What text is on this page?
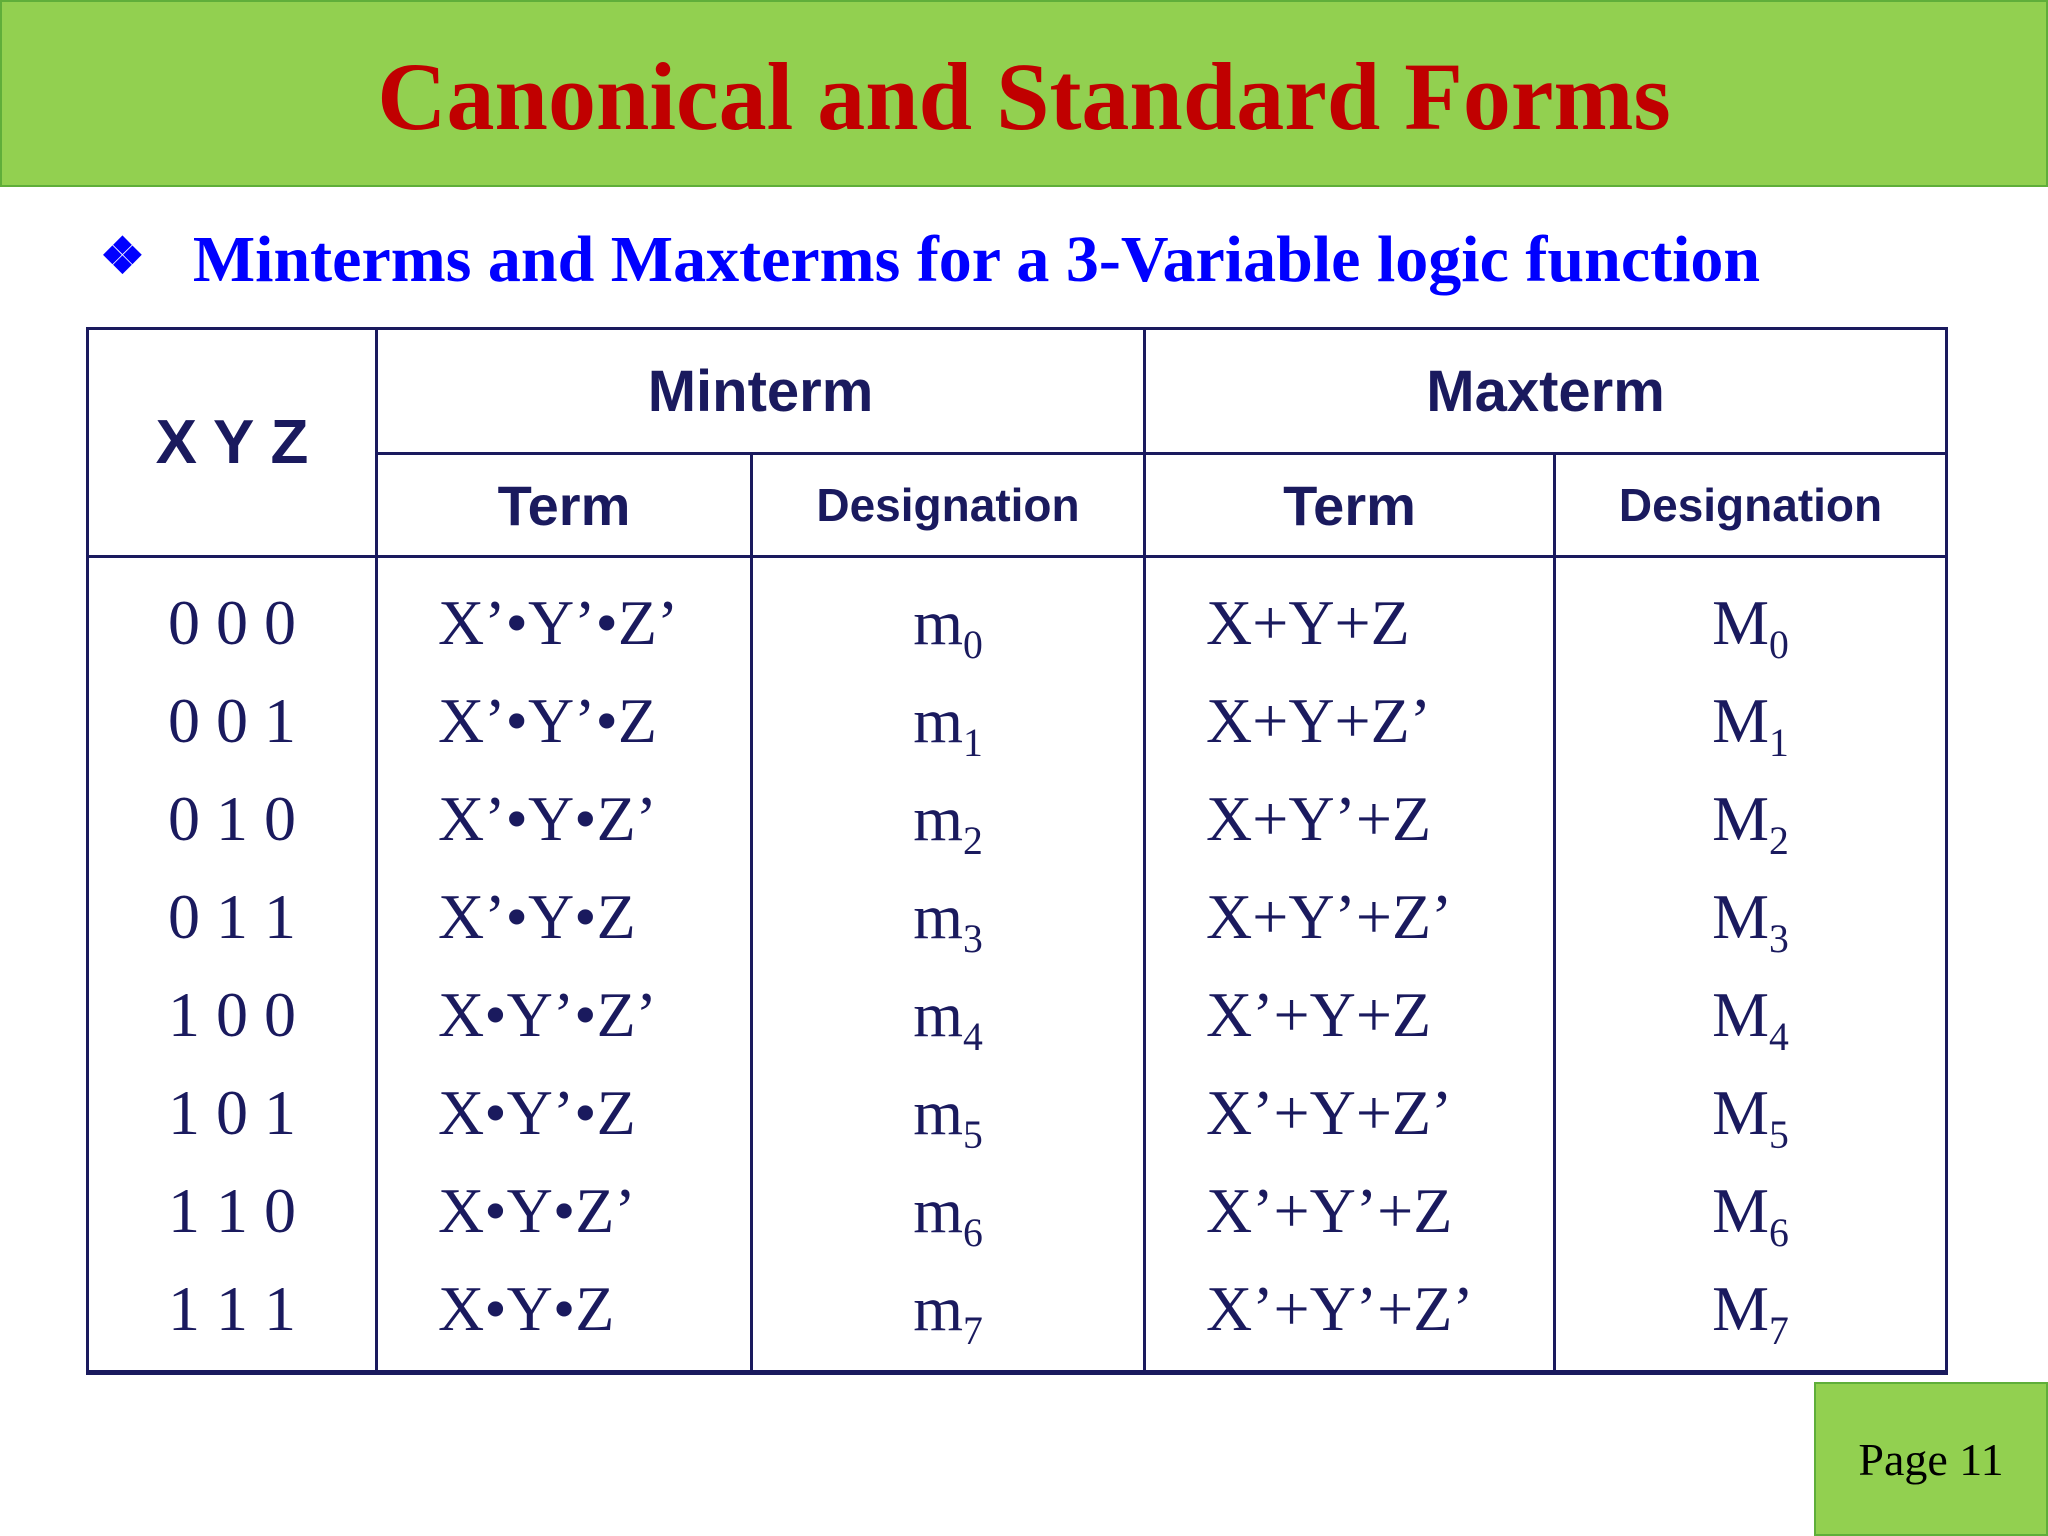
Canonical and Standard Forms
❖ Minterms and Maxterms for a 3-Variable logic function
X Y Z	Minterm		Maxterm	
	Term	Designation	Term	Designation
0 0 0	X’•Y’•Z’	$m_0$	X+Y+Z	$M_0$
0 0 1	X’•Y’•Z	$m_1$	X+Y+Z’	$M_1$
0 1 0	X’•Y•Z’	$m_2$	X+Y’+Z	$M_2$
0 1 1	X’•Y•Z	$m_3$	X+Y’+Z’	$M_3$
1 0 0	X•Y’•Z’	$m_4$	X’+Y+Z	$M_4$
1 0 1	X•Y’•Z	$m_5$	X’+Y+Z’	$M_5$
1 1 0	X•Y•Z’	$m_6$	X’+Y’+Z	$M_6$
1 1 1	X•Y•Z	$m_7$	X’+Y’+Z’	$M_7$
Page 11
